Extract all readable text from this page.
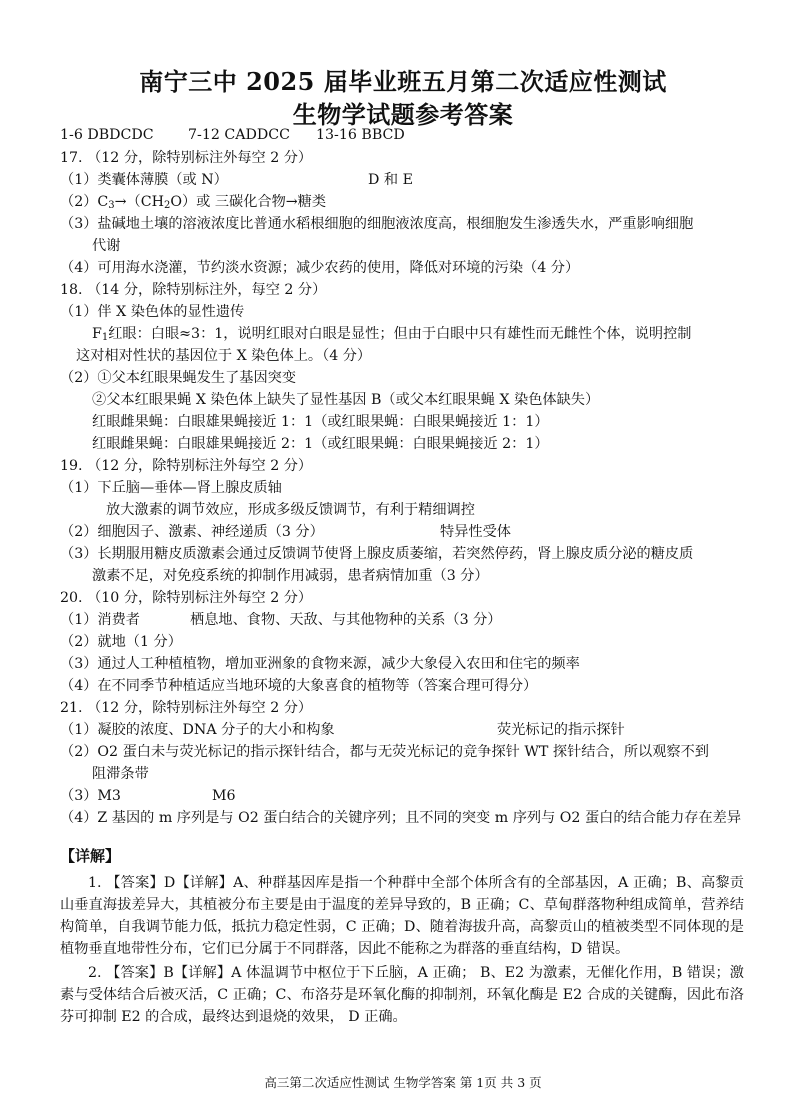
南宁三中 2025 届毕业班五月第二次适应性测试
生物学试题参考答案
1-6 DBDCDC 7-12 CADDCC 13-16 BBCD
17. （12 分，除特别标注外每空 2 分）
（1）类囊体薄膜（或 N）	D 和 E
$(2)C_3\to(CH_2O)$或 三碳化合物→糖类
（3）盐碱地土壤的溶液浓度比普通水稻根细胞的细胞液浓度高，根细胞发生渗透失水，严重影响细胞
代谢
（4）可用海水浇灌，节约淡水资源；减少农药的使用，降低对环境的污染（4 分）
18. （14 分，除特别标注外，每空 2 分）
（1）伴 X 染色体的显性遗传
$F_1$红眼：白眼≈3：1，说明红眼对白眼是显性；但由于白眼中只有雄性而无雌性个体，说明控制
这对相对性状的基因位于 X 染色体上。（4 分）
（2）①父本红眼果蝇发生了基因突变
②父本红眼果蝇 X 染色体上缺失了显性基因 B（或父本红眼果蝇 X 染色体缺失）
红眼雌果蝇：白眼雄果蝇接近 1：1（或红眼果蝇：白眼果蝇接近 1：1）
红眼雌果蝇：白眼雄果蝇接近 2：1（或红眼果蝇：白眼果蝇接近 2：1）
19. （12 分，除特别标注外每空 2 分）
（1）下丘脑—垂体—肾上腺皮质轴
放大激素的调节效应，形成多级反馈调节，有利于精细调控
（2）细胞因子、激素、神经递质（3 分）	特异性受体
（3）长期服用糖皮质激素会通过反馈调节使肾上腺皮质萎缩，若突然停药，肾上腺皮质分泌的糖皮质
激素不足，对免疫系统的抑制作用减弱，患者病情加重（3 分）
20. （10 分，除特别标注外每空 2 分）
（1）消费者	栖息地、食物、天敌、与其他物种的关系（3 分）
（2）就地（1 分）
（3）通过人工种植植物，增加亚洲象的食物来源，减少大象侵入农田和住宅的频率
（4）在不同季节种植适应当地环境的大象喜食的植物等（答案合理可得分）
21. （12 分，除特别标注外每空 2 分）
（1）凝胶的浓度、DNA 分子的大小和构象	荧光标记的指示探针
（2）O2 蛋白未与荧光标记的指示探针结合，都与无荧光标记的竞争探针 WT 探针结合，所以观察不到
阻滞条带
（3）M3	M6
（4）Z 基因的 m 序列是与 O2 蛋白结合的关键序列；且不同的突变 m 序列与 O2 蛋白的结合能力存在差异
【详解】
1. 【答案】D【详解】A、种群基因库是指一个种群中全部个体所含有的全部基因，A 正确；B、高黎贡山垂直海拔差异大，其植被分布主要是由于温度的差异导致的，B 正确；C、草甸群落物种组成简单，营养结构简单，自我调节能力低，抵抗力稳定性弱，C 正确；D、随着海拔升高，高黎贡山的植被类型不同体现的是植物垂直地带性分布，它们已分属于不同群落，因此不能称之为群落的垂直结构，D 错误。
2. 【答案】B【详解】A 体温调节中枢位于下丘脑，A 正确； B、E2 为激素，无催化作用，B 错误；激素与受体结合后被灭活，C 正确；C、布洛芬是环氧化酶的抑制剂，环氧化酶是 E2 合成的关键酶，因此布洛芬可抑制 E2 的合成，最终达到退烧的效果， D 正确。
高三第二次适应性测试 生物学答案 第 1页 共 3 页
